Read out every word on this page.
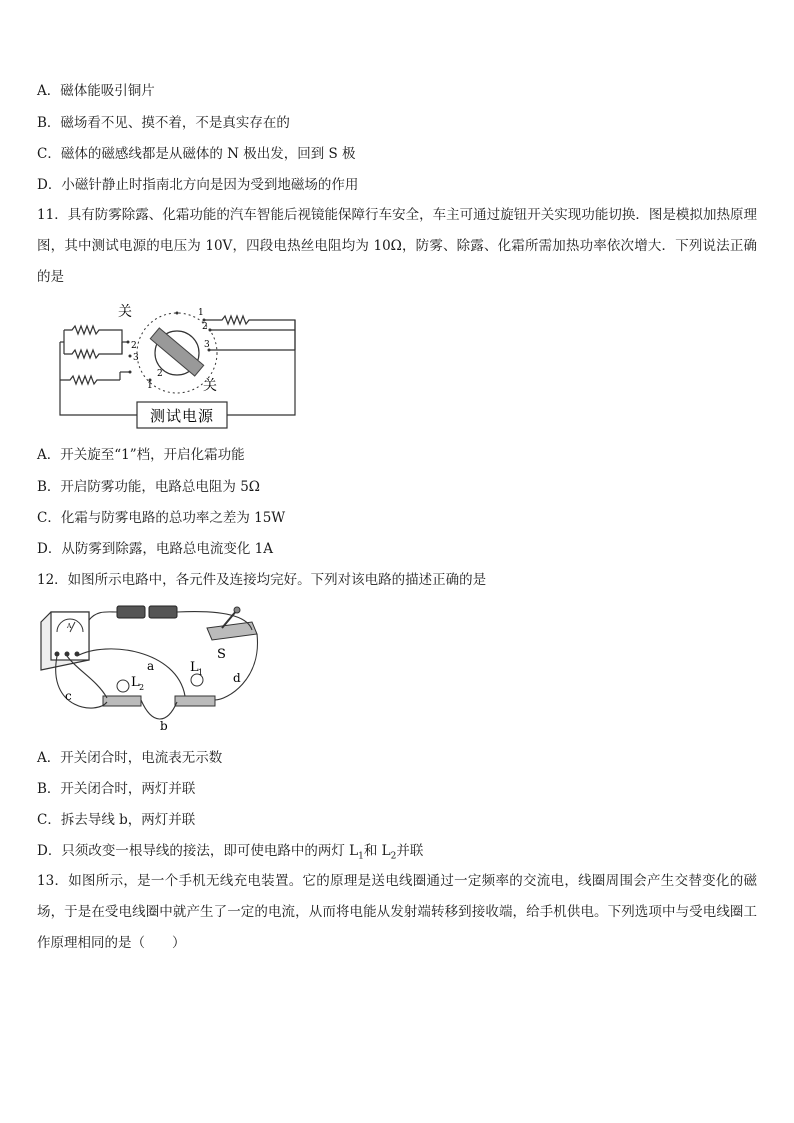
A．磁体能吸引铜片
B．磁场看不见、摸不着，不是真实存在的
C．磁体的磁感线都是从磁体的 N 极出发，回到 S 极
D．小磁针静止时指南北方向是因为受到地磁场的作用
11．具有防雾除露、化霜功能的汽车智能后视镜能保障行车安全，车主可通过旋钮开关实现功能切换．图是模拟加热原理图，其中测试电源的电压为 10V，四段电热丝电阻均为 10Ω，防雾、除露、化霜所需加热功率依次增大．下列说法正确的是
关
关
1
2
3
2
3
1
2
测试电源
A．开关旋至“1”档，开启化霜功能
B．开启防雾功能，电路总电阻为 5Ω
C．化霜与防雾电路的总功率之差为 15W
D．从防雾到除露，电路总电流变化 1A
12．如图所示电路中，各元件及连接均完好。下列对该电路的描述正确的是
A
S
L 2
L 1
a
b
c
d
A．开关闭合时，电流表无示数
B．开关闭合时，两灯并联
C．拆去导线 b，两灯并联
D．只须改变一根导线的接法，即可使电路中的两灯 $L_1$和 $L_2$并联
13．如图所示，是一个手机无线充电装置。它的原理是送电线圈通过一定频率的交流电，线圈周围会产生交替变化的磁场，于是在受电线圈中就产生了一定的电流，从而将电能从发射端转移到接收端，给手机供电。下列选项中与受电线圈工作原理相同的是（　　）
